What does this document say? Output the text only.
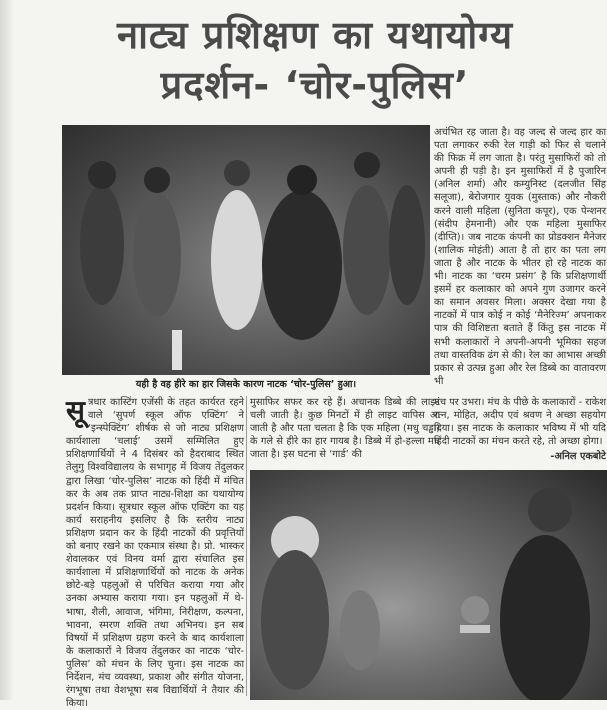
नाट्य प्रशिक्षण का यथायोग्य
प्रदर्शन- ‘चोर-पुलिस’
यही है वह हीरे का हार जिसके कारण नाटक ‘चोर-पुलिस’ हुआ।

अचंभित रह जाता है। वह जल्द से जल्द हार का पता लगाकर रुकी रेल गाड़ी को फिर से चलाने की फिक्र में लग जाता है। परंतु मुसाफिरों को तो अपनी ही पड़ी है। इन मुसाफिरों में है पुजारिन (अनिल शर्मा) और कम्युनिस्ट (दलजीत सिंह सलूजा), बेरोजगार युवक (मुस्ताक) और नौकरी करने वाली महिला (सुनिता कपूर), एक पेन्शनर (संदीप हेमनानी) और एक महिला मुसाफिर (दीप्ति)। जब नाटक कंपनी का प्रोडक्शन मैनेजर (शालिक मोहंती) आता है तो हार का पता लग जाता है और नाटक के भीतर हो रहे नाटक का भी। नाटक का ‘चरम प्रसंग’ है कि प्रशिक्षणार्थी इसमें हर कलाकार को अपने गुण उजागर करने का समान अवसर मिला। अक्सर देखा गया है नाटकों में पात्र कोई न कोई ‘मैनेरिज्म’ अपनाकर पात्र की विशिष्टता बताते हैं किंतु इस नाटक में सभी कलाकारों ने अपनी-अपनी भूमिका सहज तथा वास्तविक ढंग से की। रेल का आभास अच्छी प्रकार से उत्पन्न हुआ और रेल डिब्बे का वातावरण भी

सू त्रधार कास्टिंग एजेंसी के तहत कार्यरत रहने वाले ‘सुपर्ण स्कूल ऑफ एक्टिंग’ ने ‘इन्स्पेक्टिंग’ शीर्षक से जो नाट्य प्रशिक्षण कार्यशाला ‘चलाई’ उसमें सम्मिलित हुए प्रशिक्षणार्थियों ने 4 दिसंबर को हैदराबाद स्थित तेलुगु विश्वविद्यालय के सभागृह में विजय तेंदुलकर द्वारा लिखा ‘चोर-पुलिस’ नाटक को हिंदी में मंचित कर के अब तक प्राप्त नाट्य-शिक्षा का यथायोग्य प्रदर्शन किया। सूत्रधार स्कूल ऑफ एक्टिंग का यह कार्य सराहनीय इसलिए है कि स्तरीय नाट्य प्रशिक्षण प्रदान कर के हिंदी नाटकों की प्रवृत्तियों को बनाए रखने का एकमात्र संस्था है। प्रो. भास्कर शेवालकर एवं विनय वर्मा द्वारा संचालित इस कार्यशाला में प्रशिक्षणार्थियों को नाटक के अनेक छोटे-बड़े पहलुओं से परिचित कराया गया और उनका अभ्यास कराया गया। इन पहलुओं में थे- भाषा, शैली, आवाज, भंगिमा, निरीक्षण, कल्पना, भावना, स्मरण शक्ति तथा अभिनय। इन सब विषयों में प्रशिक्षण ग्रहण करने के बाद कार्यशाला के कलाकारों ने विजय तेंदुलकर का नाटक ‘चोर-पुलिस’ को मंचन के लिए चुना। इस नाटक का निर्देशन, मंच व्यवस्था, प्रकाश और संगीत योजना, रंगभूषा तथा वेशभूषा सब विद्यार्थियों ने तैयार की किया।

मुसाफिर सफर कर रहे हैं। अचानक डिब्बे की लाइट चली जाती है। कुछ मिनटों में ही लाइट वापिस आ जाती है और पता चलता है कि एक महिला (मधु चड्ढा) के गले से हीरे का हार गायब है। डिब्बे में हो-हल्ला मच जाता है। इस घटना से ‘गार्ड’ की

मंच पर उभरा। मंच के पीछे के कलाकारों - राकेश रत्न, मोहित, अदीप एवं श्रवण ने अच्छा सहयोग दिया। इस नाटक के कलाकार भविष्य में भी यदि हिंदी नाटकों का मंचन करते रहे, तो अच्छा होगा।

-अनिल एकबोटे
